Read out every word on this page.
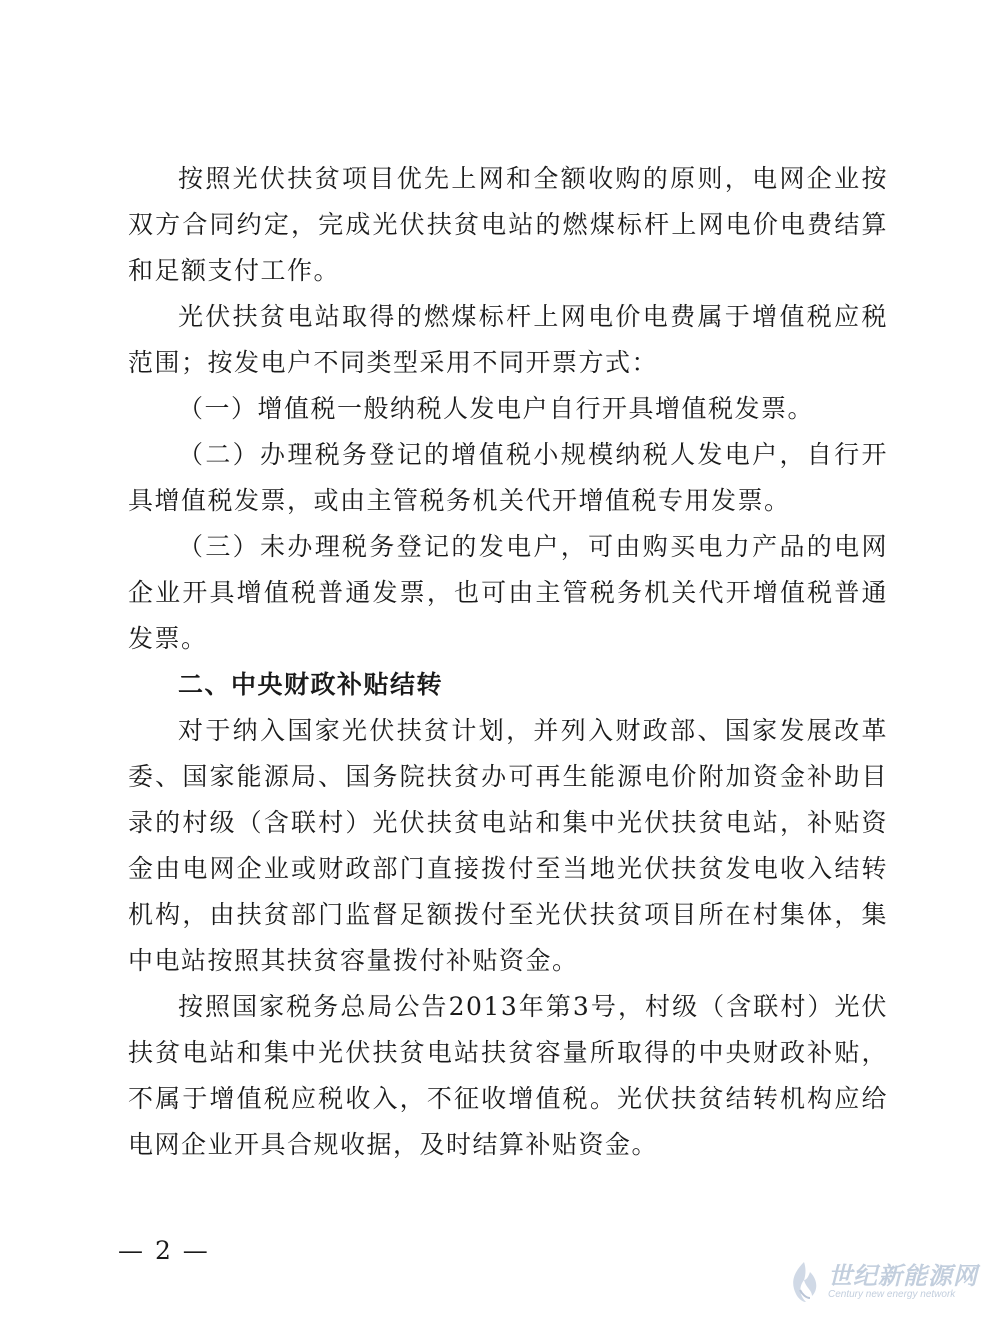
按照光伏扶贫项目优先上网和全额收购的原则，电网企业按双方合同约定，完成光伏扶贫电站的燃煤标杆上网电价电费结算和足额支付工作。

光伏扶贫电站取得的燃煤标杆上网电价电费属于增值税应税范围；按发电户不同类型采用不同开票方式：

（一）增值税一般纳税人发电户自行开具增值税发票。

（二）办理税务登记的增值税小规模纳税人发电户，自行开具增值税发票，或由主管税务机关代开增值税专用发票。

（三）未办理税务登记的发电户，可由购买电力产品的电网企业开具增值税普通发票，也可由主管税务机关代开增值税普通发票。

二、中央财政补贴结转

对于纳入国家光伏扶贫计划，并列入财政部、国家发展改革委、国家能源局、国务院扶贫办可再生能源电价附加资金补助目录的村级（含联村）光伏扶贫电站和集中光伏扶贫电站，补贴资金由电网企业或财政部门直接拨付至当地光伏扶贫发电收入结转机构，由扶贫部门监督足额拨付至光伏扶贫项目所在村集体，集中电站按照其扶贫容量拨付补贴资金。

按照国家税务总局公告2013年第3号，村级（含联村）光伏扶贫电站和集中光伏扶贫电站扶贫容量所取得的中央财政补贴，不属于增值税应税收入，不征收增值税。光伏扶贫结转机构应给电网企业开具合规收据，及时结算补贴资金。

— 2 —
世纪新能源网
Century new energy network
